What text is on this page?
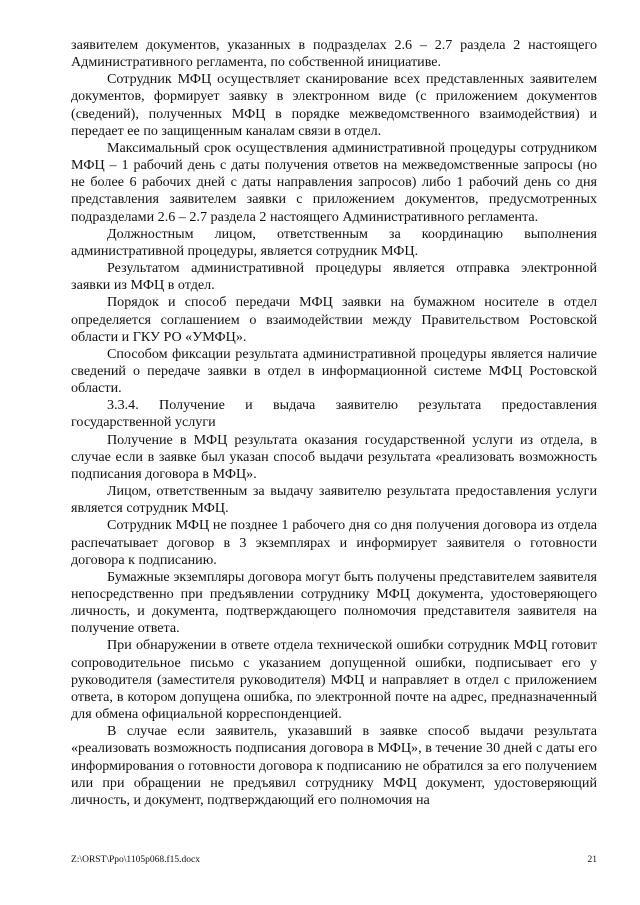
заявителем документов, указанных в подразделах 2.6 – 2.7 раздела 2 настоящего Административного регламента, по собственной инициативе.

Сотрудник МФЦ осуществляет сканирование всех представленных заявителем документов, формирует заявку в электронном виде (с приложением документов (сведений), полученных МФЦ в порядке межведомственного взаимодействия) и передает ее по защищенным каналам связи в отдел.

Максимальный срок осуществления административной процедуры сотрудником МФЦ – 1 рабочий день с даты получения ответов на межведомственные запросы (но не более 6 рабочих дней с даты направления запросов) либо 1 рабочий день со дня представления заявителем заявки с приложением документов, предусмотренных подразделами 2.6 – 2.7 раздела 2 настоящего Административного регламента.

Должностным лицом, ответственным за координацию выполнения административной процедуры, является сотрудник МФЦ.

Результатом административной процедуры является отправка электронной заявки из МФЦ в отдел.

Порядок и способ передачи МФЦ заявки на бумажном носителе в отдел определяется соглашением о взаимодействии между Правительством Ростовской области и ГКУ РО «УМФЦ».

Способом фиксации результата административной процедуры является наличие сведений о передаче заявки в отдел в информационной системе МФЦ Ростовской области.

3.3.4. Получение и выдача заявителю результата предоставления государственной услуги

Получение в МФЦ результата оказания государственной услуги из отдела, в случае если в заявке был указан способ выдачи результата «реализовать возможность подписания договора в МФЦ».

Лицом, ответственным за выдачу заявителю результата предоставления услуги является сотрудник МФЦ.

Сотрудник МФЦ не позднее 1 рабочего дня со дня получения договора из отдела распечатывает договор в 3 экземплярах и информирует заявителя о готовности договора к подписанию.

Бумажные экземпляры договора могут быть получены представителем заявителя непосредственно при предъявлении сотруднику МФЦ документа, удостоверяющего личность, и документа, подтверждающего полномочия представителя заявителя на получение ответа.

При обнаружении в ответе отдела технической ошибки сотрудник МФЦ готовит сопроводительное письмо с указанием допущенной ошибки, подписывает его у руководителя (заместителя руководителя) МФЦ и направляет в отдел с приложением ответа, в котором допущена ошибка, по электронной почте на адрес, предназначенный для обмена официальной корреспонденцией.

В случае если заявитель, указавший в заявке способ выдачи результата «реализовать возможность подписания договора в МФЦ», в течение 30 дней с даты его информирования о готовности договора к подписанию не обратился за его получением или при обращении не предъявил сотруднику МФЦ документ, удостоверяющий личность, и документ, подтверждающий его полномочия на

Z:\ORST\Ppo\1105p068.f15.docx	21
